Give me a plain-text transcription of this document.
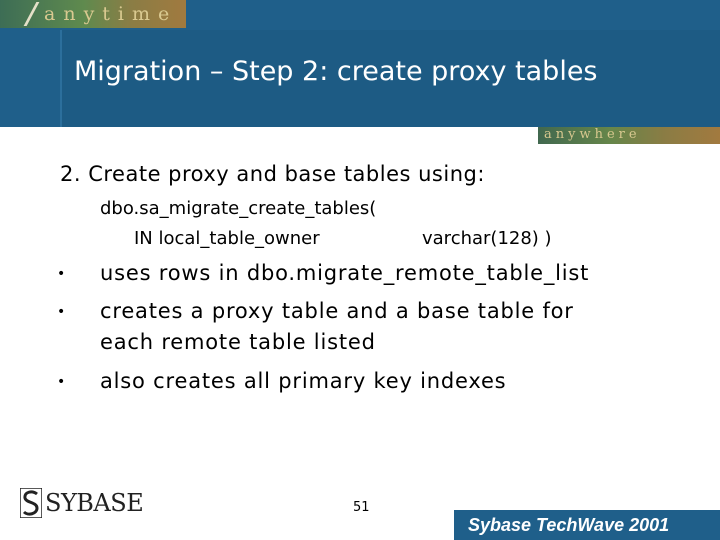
anytime
Migration – Step 2: create proxy tables
anywhere
2. Create proxy and base tables using:
dbo.sa_migrate_create_tables(
IN local_table_owner	varchar(128) )
• uses rows in dbo.migrate_remote_table_list
• creates a proxy table and a base table for
each remote table listed
• also creates all primary key indexes
SYBASE	51
Sybase TechWave 2001
